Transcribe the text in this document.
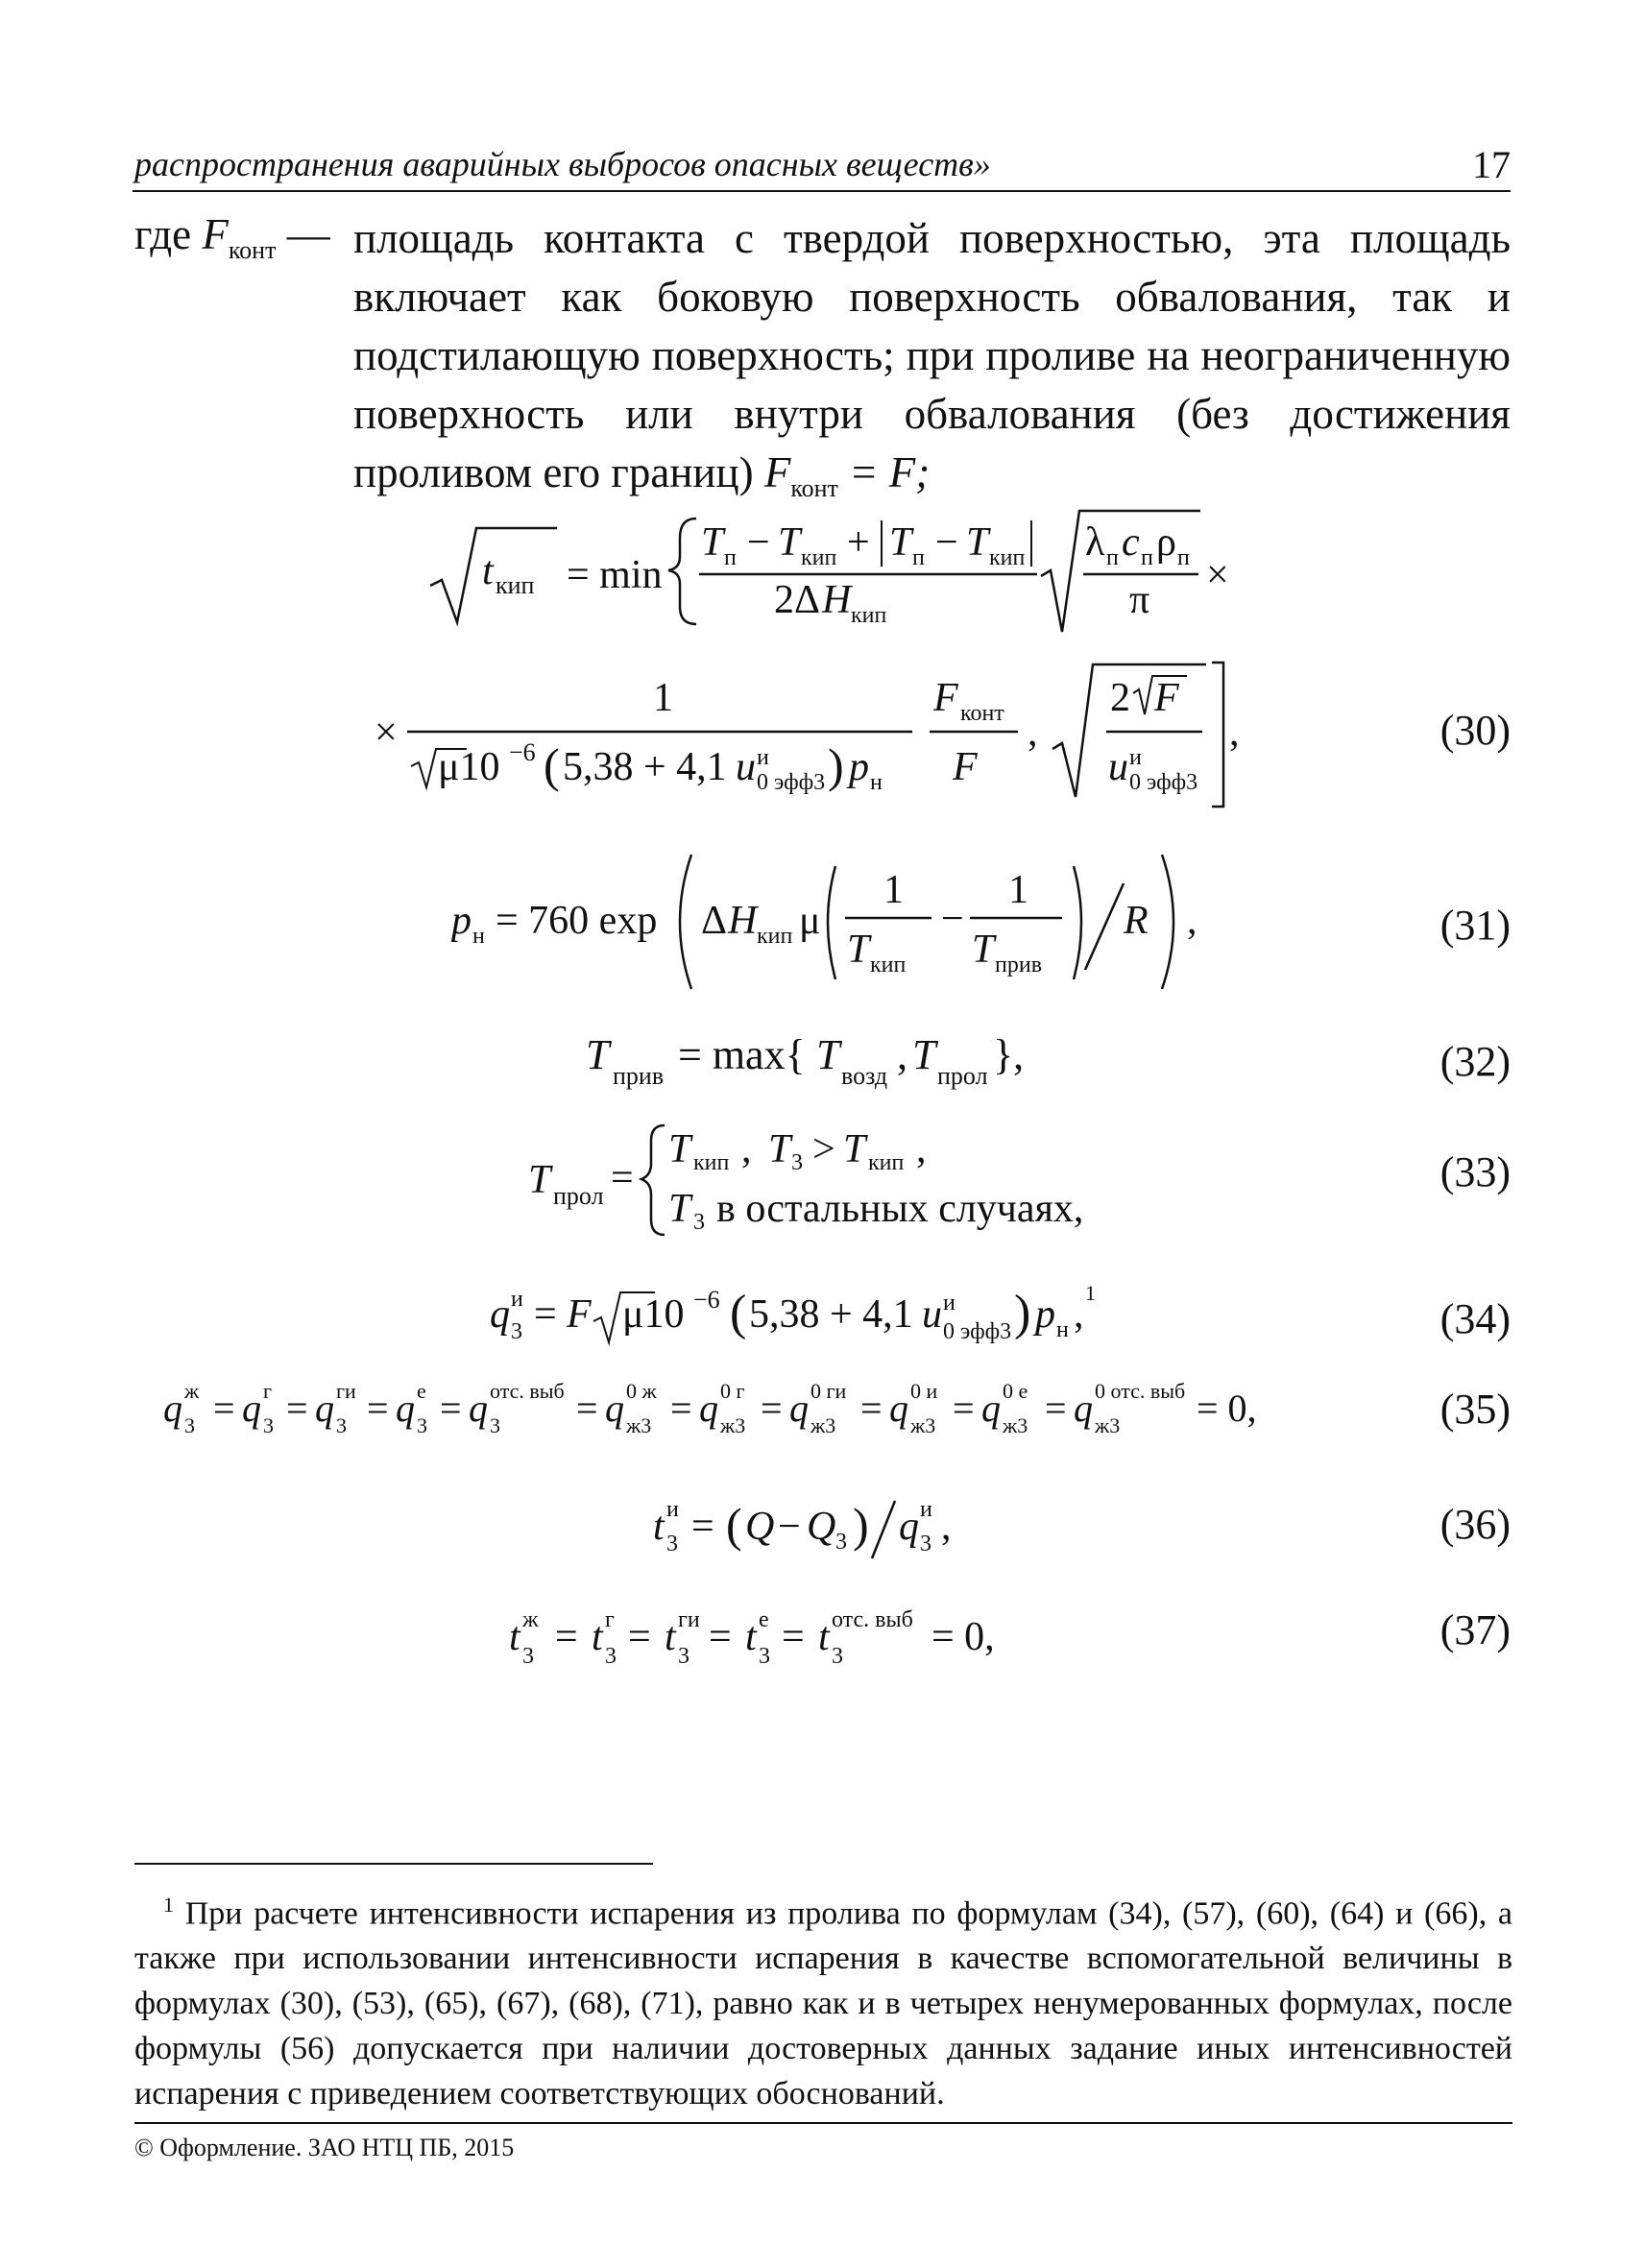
распространения аварийных выбросов опасных веществ»	17
где $F_{конт}$ — площадь контакта с твердой поверхностью, эта площадь включает как боковую поверхность обвалования, так и подстилающую поверхность; при проливе на неограниченную поверхность или внутри обвалования (без достижения проливом его границ) $F_{конт} = F$;
t кип = min
T п − T кип + T п − T кип
2Δ H кип
λ п c п ρ п
π
×
×
1
μ10 −6 ( 5,38 + 4,1 u и
0 эфф3 ) p н
F конт
F
,
2 F
u и
0 эфф3
,	(30)
p н = 760 exp Δ H кип μ
1
T кип
−
1
T прив
R ,	(31)
T прив = max{ T возд , T прол },	(32)
T прол =
T кип , T 3 > T кип ,
T 3 в остальных случаях,
(33)
q и
3 = F μ10 −6 ( 5,38 + 4,1 u и
0 эфф3 ) p н , 1
(34)
q ж
3 = q г
3 = q ги
3 = q е
3 = q отс. выб
3 = q 0 ж
ж3 = q 0 г
ж3 = q 0 ги
ж3 = q 0 и
ж3 = q 0 е
ж3 = q 0 отс. выб
ж3 = 0,	(35)
t и
3 = ( Q − Q 3 ) q и
3 ,	(36)
t ж
3 = t г
3 = t ги
3 = t е
3 = t отс. выб
3 = 0,	(37)
$^1$ При расчете интенсивности испарения из пролива по формулам (34), (57), (60), (64) и (66), а также при использовании интенсивности испарения в качестве вспомогательной величины в формулах (30), (53), (65), (67), (68), (71), равно как и в четырех ненумерованных формулах, после формулы (56) допускается при наличии достоверных данных задание иных интенсивностей испарения с приведением соответствующих обоснований.
© Оформление. ЗАО НТЦ ПБ, 2015
